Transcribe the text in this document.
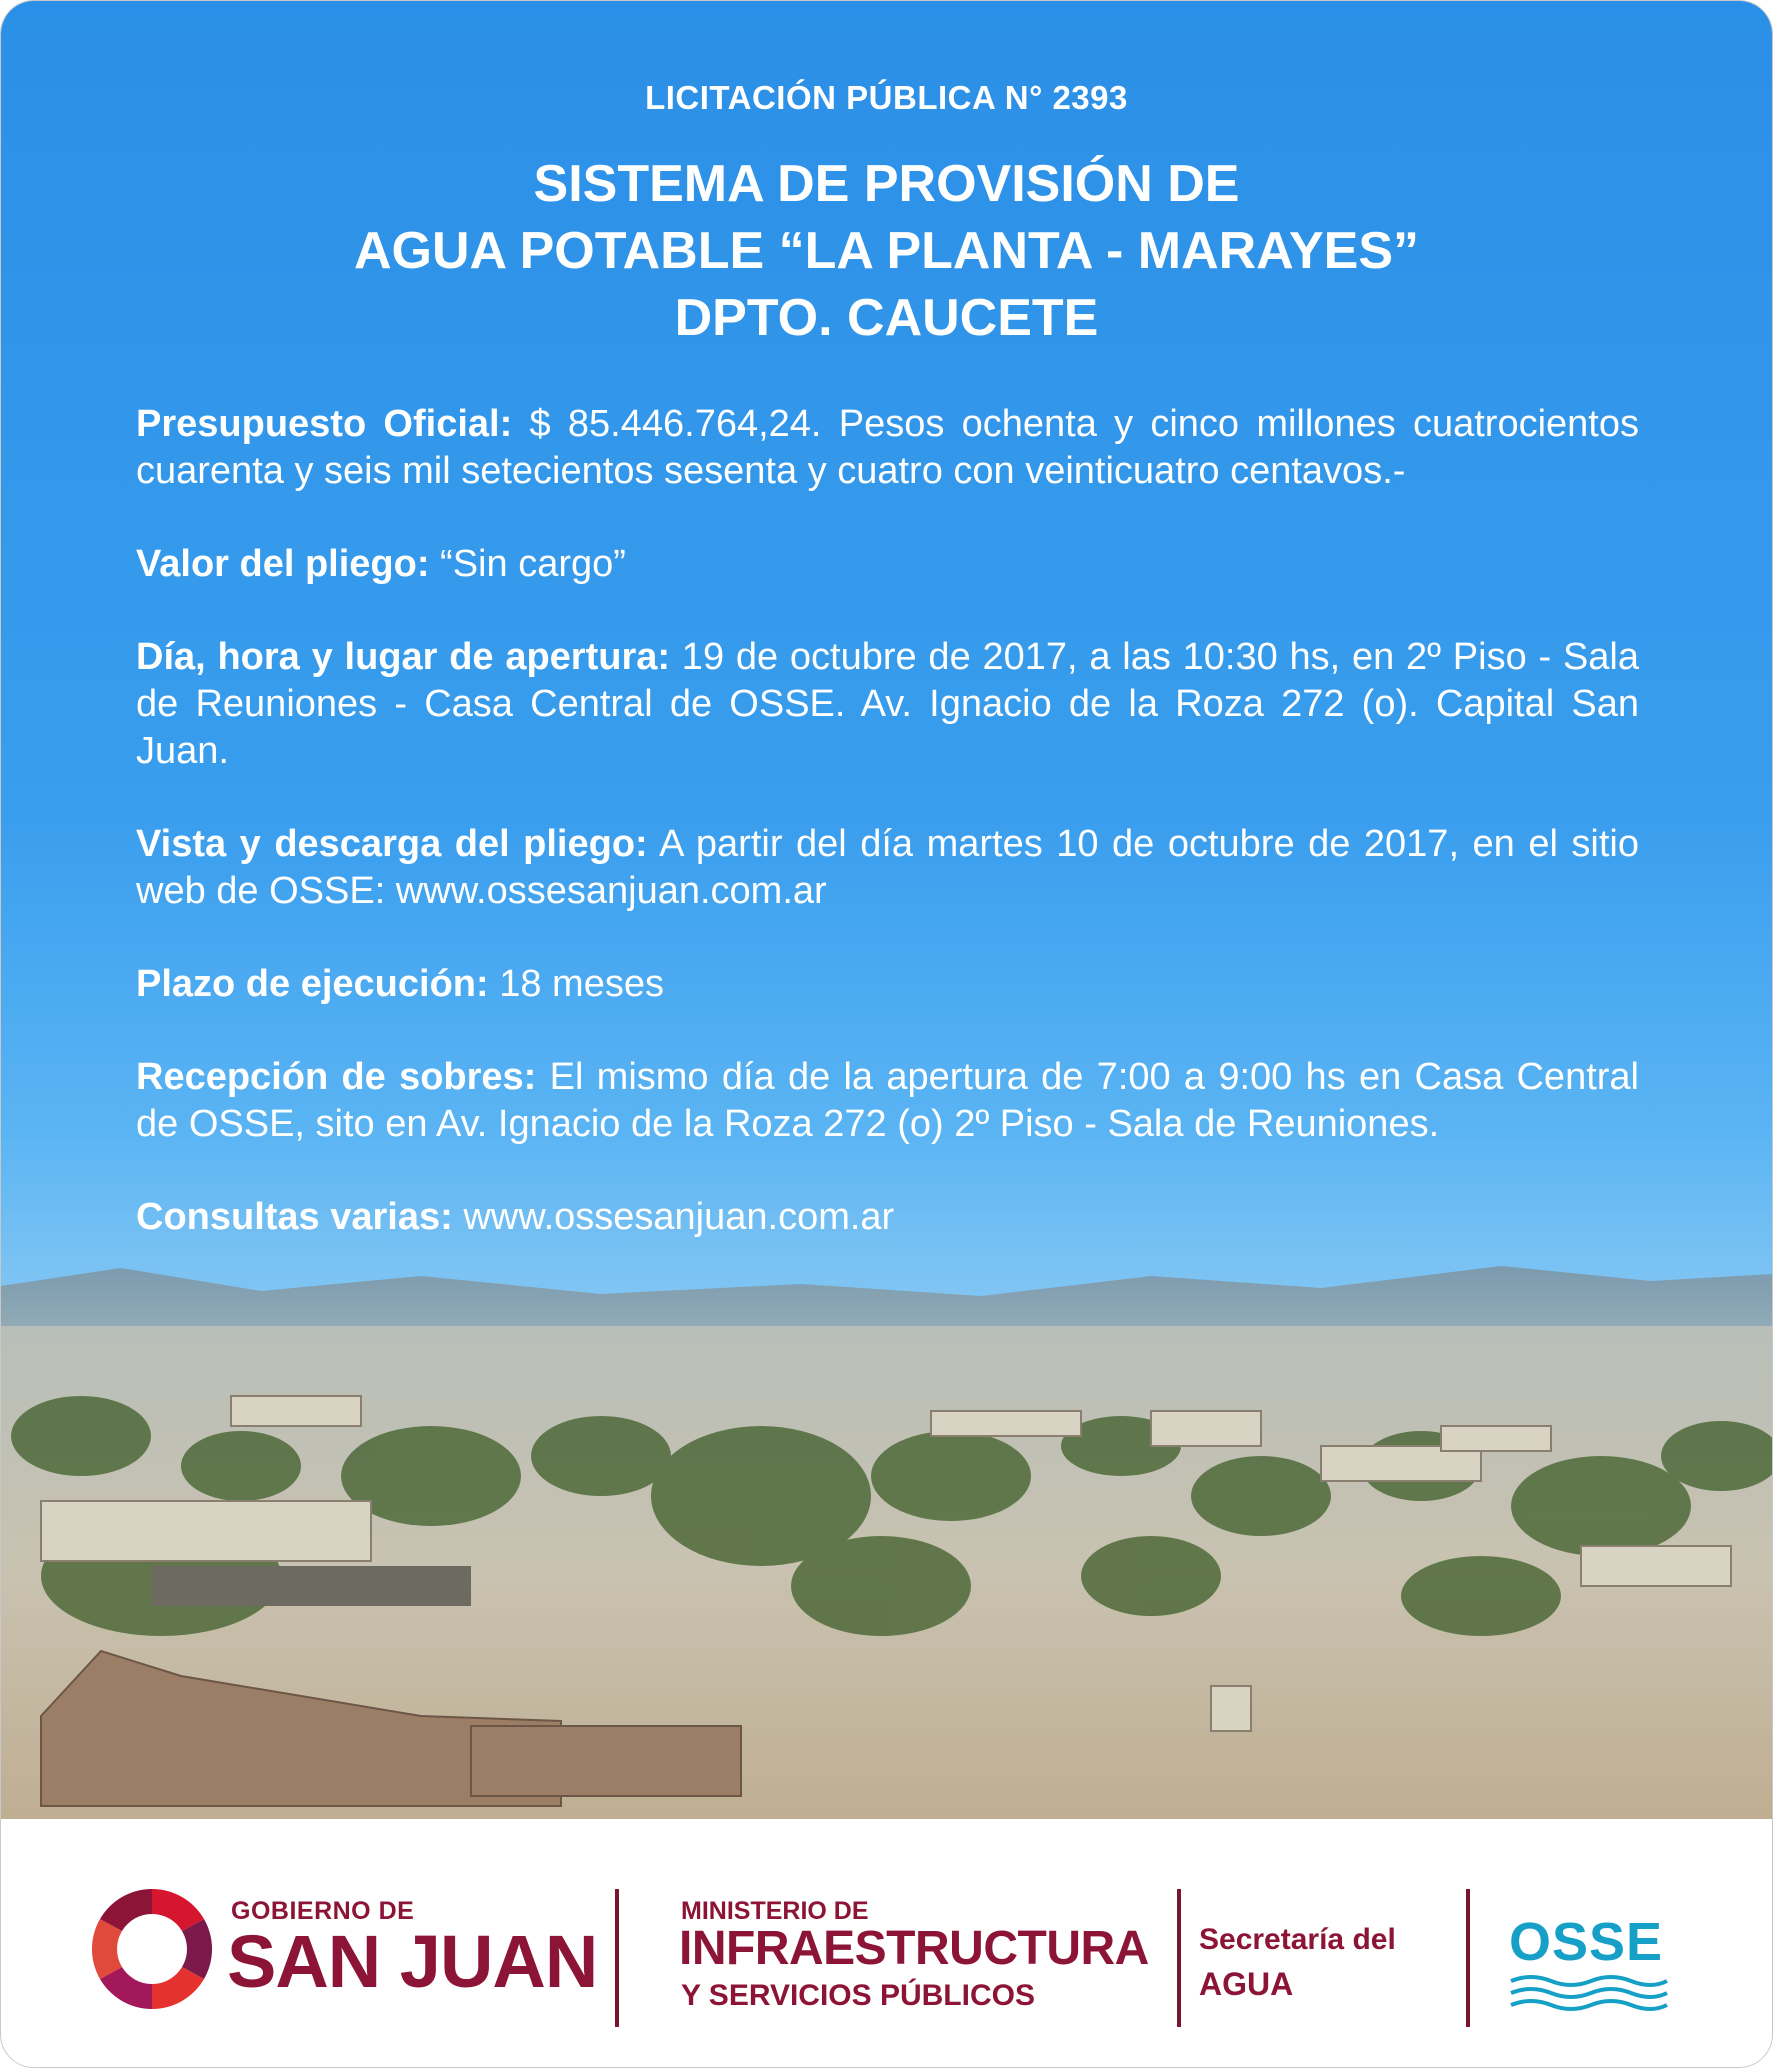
LICITACIÓN PÚBLICA N° 2393
SISTEMA DE PROVISIÓN DE
AGUA POTABLE “LA PLANTA - MARAYES”
DPTO. CAUCETE

Presupuesto Oficial: $ 85.446.764,24. Pesos ochenta y cinco millones cuatrocientos cuarenta y seis mil setecientos sesenta y cuatro con veinticuatro centavos.-

Valor del pliego: “Sin cargo”

Día, hora y lugar de apertura: 19 de octubre de 2017, a las 10:30 hs, en 2º Piso - Sala de Reuniones - Casa Central de OSSE. Av. Ignacio de la Roza 272 (o). Capital San Juan.

Vista y descarga del pliego: A partir del día martes 10 de octubre de 2017, en el sitio web de OSSE: www.ossesanjuan.com.ar

Plazo de ejecución: 18 meses

Recepción de sobres: El mismo día de la apertura de 7:00 a 9:00 hs en Casa Central de OSSE, sito en Av. Ignacio de la Roza 272 (o) 2º Piso - Sala de Reuniones.

Consultas varias: www.ossesanjuan.com.ar

GOBIERNO DE
SAN JUAN
MINISTERIO DE
INFRAESTRUCTURA
Y SERVICIOS PÚBLICOS
Secretaría del
AGUA
OSSE
